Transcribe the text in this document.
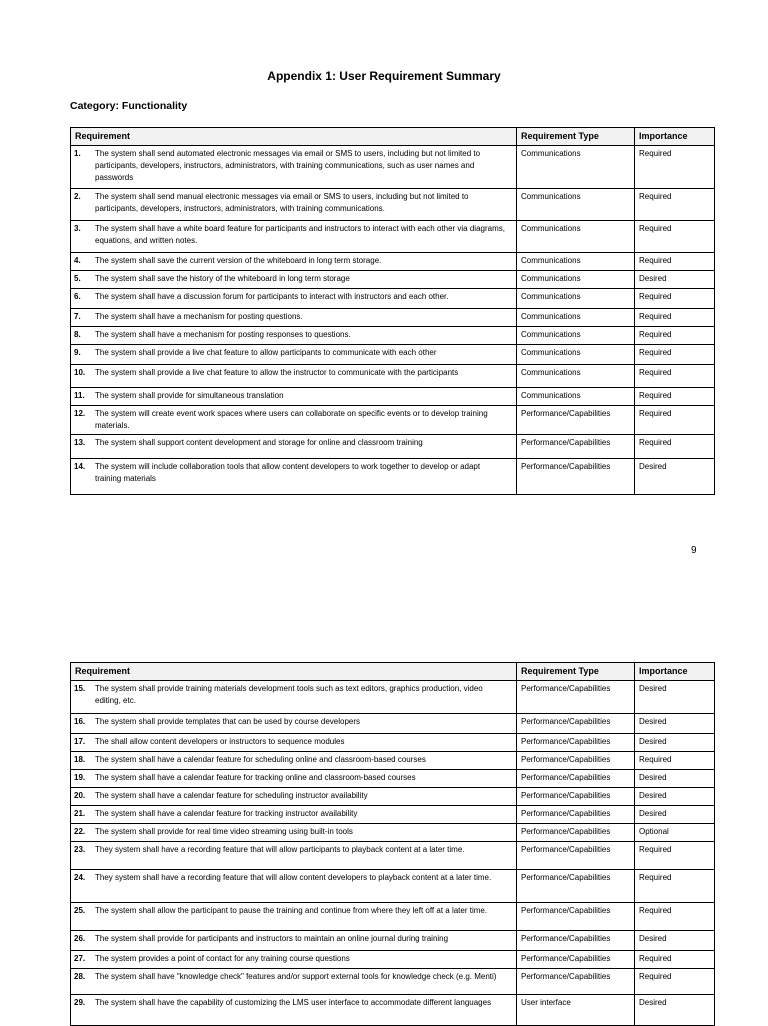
Appendix 1: User Requirement Summary
Category: Functionality
Requirement	Requirement Type	Importance
1. The system shall send automated electronic messages via email or SMS to users, including but not limited to participants, developers, instructors, administrators, with training communications, such as user names and passwords	Communications	Required
2. The system shall send manual electronic messages via email or SMS to users, including but not limited to participants, developers, instructors, administrators, with training communications.	Communications	Required
3. The system shall have a white board feature for participants and instructors to interact with each other via diagrams, equations, and written notes.	Communications	Required
4. The system shall save the current version of the whiteboard in long term storage.	Communications	Required
5. The system shall save the history of the whiteboard in long term storage	Communications	Desired
6. The system shall have a discussion forum for participants to interact with instructors and each other.	Communications	Required
7. The system shall have a mechanism for posting questions.	Communications	Required
8. The system shall have a mechanism for posting responses to questions.	Communications	Required
9. The system shall provide a live chat feature to allow participants to communicate with each other	Communications	Required
10. The system shall provide a live chat feature to allow the instructor to communicate with the participants	Communications	Required
11. The system shall provide for simultaneous translation	Communications	Required
12. The system will create event work spaces where users can collaborate on specific events or to develop training materials.	Performance/Capabilities	Required
13. The system shall support content development and storage for online and classroom training	Performance/Capabilities	Required
14. The system will include collaboration tools that allow content developers to work together to develop or adapt training materials	Performance/Capabilities	Desired
9
Requirement	Requirement Type	Importance
15. The system shall provide training materials development tools such as text editors, graphics production, video editing, etc.	Performance/Capabilities	Desired
16. The system shall provide templates that can be used by course developers	Performance/Capabilities	Desired
17. The shall allow content developers or instructors to sequence modules	Performance/Capabilities	Desired
18. The system shall have a calendar feature for scheduling online and classroom-based courses	Performance/Capabilities	Required
19. The system shall have a calendar feature for tracking online and classroom-based courses	Performance/Capabilities	Desired
20. The system shall have a calendar feature for scheduling instructor availability	Performance/Capabilities	Desired
21. The system shall have a calendar feature for tracking instructor availability	Performance/Capabilities	Desired
22. The system shall provide for real time video streaming using built-in tools	Performance/Capabilities	Optional
23. They system shall have a recording feature that will allow participants to playback content at a later time.	Performance/Capabilities	Required
24. They system shall have a recording feature that will allow content developers to playback content at a later time.	Performance/Capabilities	Required
25. The system shall allow the participant to pause the training and continue from where they left off at a later time.	Performance/Capabilities	Required
26. The system shall provide for participants and instructors to maintain an online journal during training	Performance/Capabilities	Desired
27. The system provides a point of contact for any training course questions	Performance/Capabilities	Required
28. The system shall have "knowledge check" features and/or support external tools for knowledge check (e.g. Menti)	Performance/Capabilities	Required
29. The system shall have the capability of customizing the LMS user interface to accommodate different languages	User interface	Desired
